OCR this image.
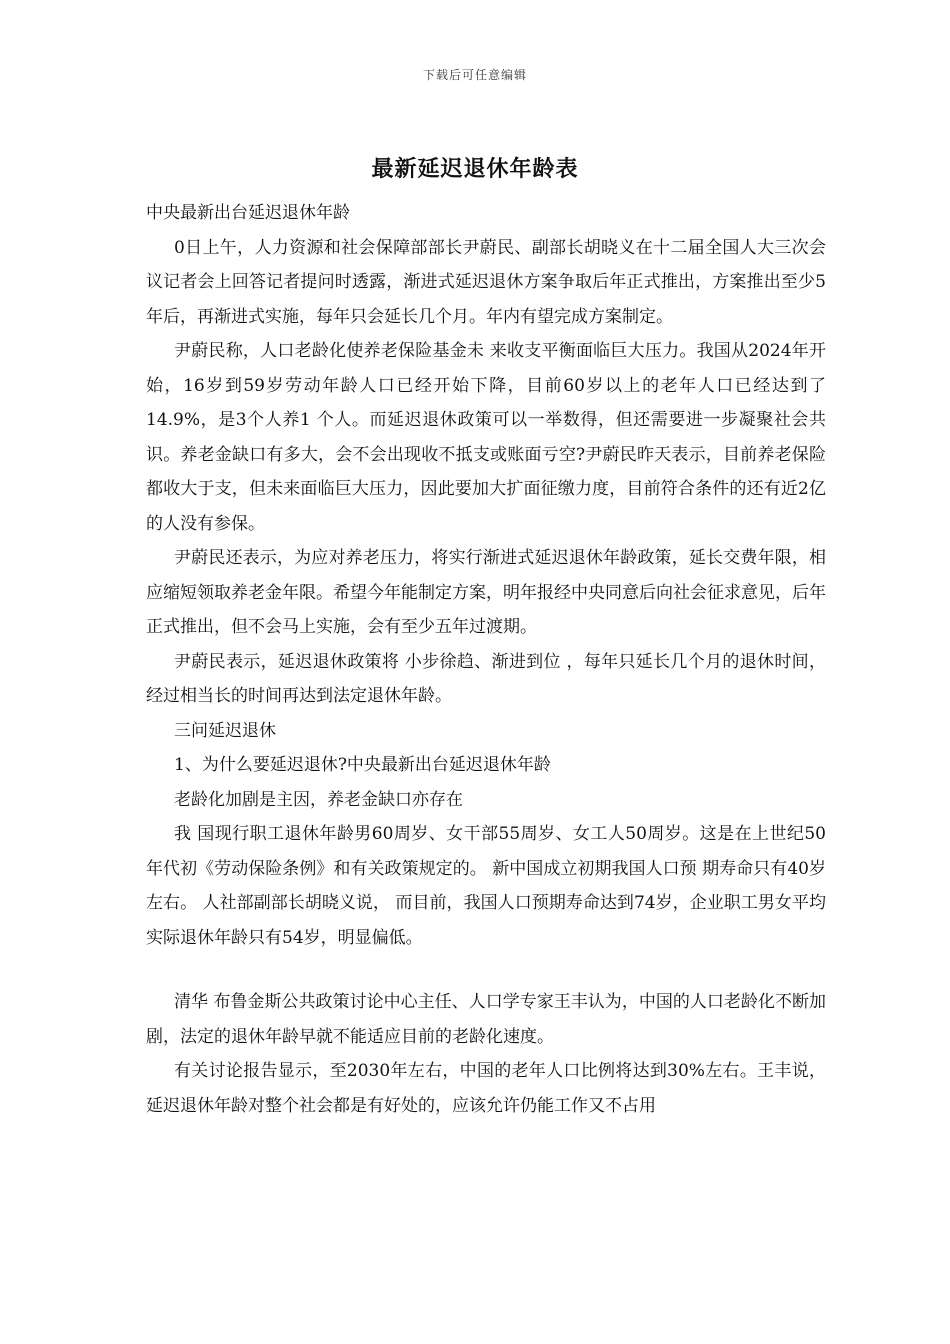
下载后可任意编辑
最新延迟退休年龄表

中央最新出台延迟退休年龄

0日上午，人力资源和社会保障部部长尹蔚民、副部长胡晓义在十二届全国人大三次会议记者会上回答记者提问时透露，渐进式延迟退休方案争取后年正式推出，方案推出至少5年后，再渐进式实施，每年只会延长几个月。年内有望完成方案制定。

尹蔚民称，人口老龄化使养老保险基金未 来收支平衡面临巨大压力。我国从2024年开始，16岁到59岁劳动年龄人口已经开始下降，目前60岁以上的老年人口已经达到了14.9%，是3个人养1 个人。而延迟退休政策可以一举数得，但还需要进一步凝聚社会共识。养老金缺口有多大，会不会出现收不抵支或账面亏空?尹蔚民昨天表示，目前养老保险都收大于支，但未来面临巨大压力，因此要加大扩面征缴力度，目前符合条件的还有近2亿的人没有参保。

尹蔚民还表示，为应对养老压力，将实行渐进式延迟退休年龄政策，延长交费年限，相应缩短领取养老金年限。希望今年能制定方案，明年报经中央同意后向社会征求意见，后年正式推出，但不会马上实施，会有至少五年过渡期。

尹蔚民表示，延迟退休政策将 小步徐趋、渐进到位 ，每年只延长几个月的退休时间，经过相当长的时间再达到法定退休年龄。

三问延迟退休

1、为什么要延迟退休?中央最新出台延迟退休年龄

老龄化加剧是主因，养老金缺口亦存在

我 国现行职工退休年龄男60周岁、女干部55周岁、女工人50周岁。这是在上世纪50年代初《劳动保险条例》和有关政策规定的。 新中国成立初期我国人口预 期寿命只有40岁左右。 人社部副部长胡晓义说， 而目前，我国人口预期寿命达到74岁，企业职工男女平均实际退休年龄只有54岁，明显偏低。

清华 布鲁金斯公共政策讨论中心主任、人口学专家王丰认为，中国的人口老龄化不断加剧，法定的退休年龄早就不能适应目前的老龄化速度。

有关讨论报告显示，至2030年左右，中国的老年人口比例将达到30%左右。王丰说，延迟退休年龄对整个社会都是有好处的，应该允许仍能工作又不占用
